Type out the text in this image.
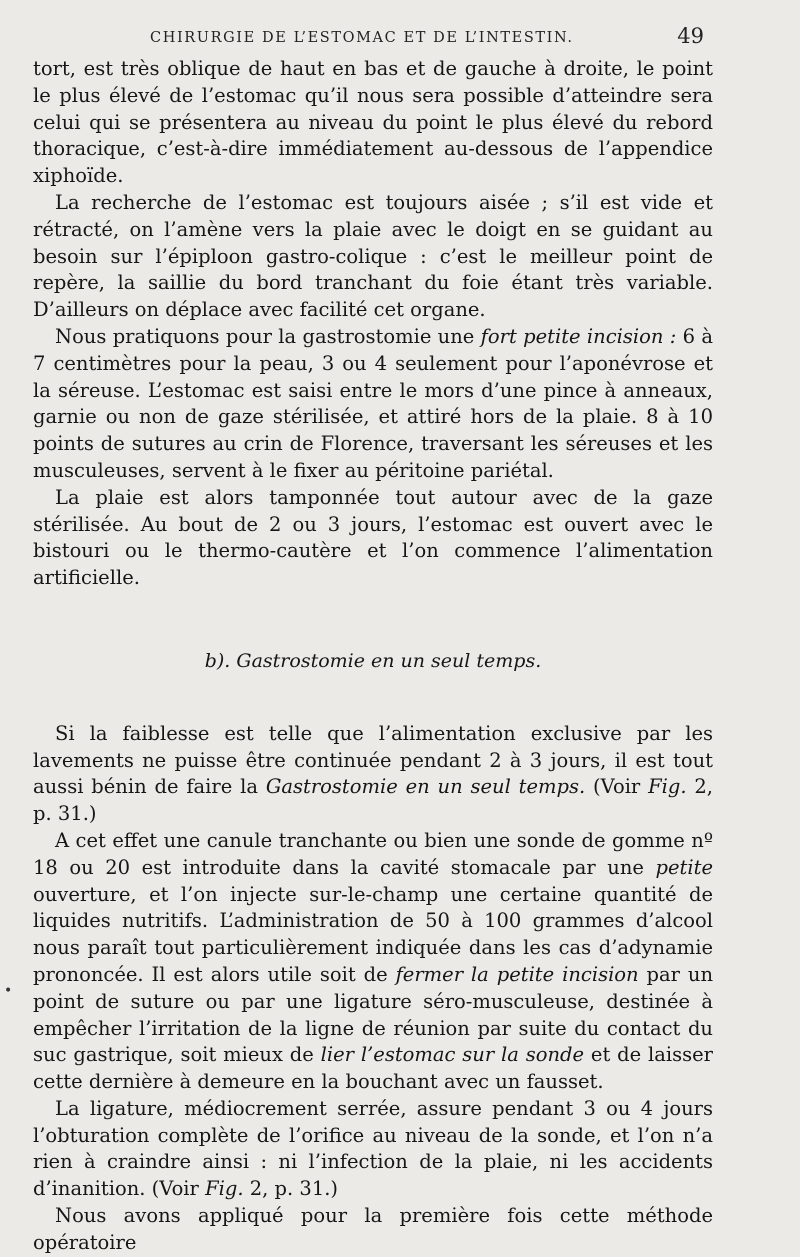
CHIRURGIE DE L’ESTOMAC ET DE L’INTESTIN.	49

tort, est très oblique de haut en bas et de gauche à droite, le point le plus élevé de l’estomac qu’il nous sera possible d’atteindre sera celui qui se présentera au niveau du point le plus élevé du rebord thoracique, c’est-à-dire immédiatement au-dessous de l’appendice xiphoïde.

La recherche de l’estomac est toujours aisée ; s’il est vide et rétracté, on l’amène vers la plaie avec le doigt en se guidant au besoin sur l’épiploon gastro-colique : c’est le meilleur point de repère, la saillie du bord tranchant du foie étant très variable. D’ailleurs on déplace avec facilité cet organe.

Nous pratiquons pour la gastrostomie une fort petite incision : 6 à 7 centimètres pour la peau, 3 ou 4 seulement pour l’aponévrose et la séreuse. L’estomac est saisi entre le mors d’une pince à anneaux, garnie ou non de gaze stérilisée, et attiré hors de la plaie. 8 à 10 points de sutures au crin de Florence, traversant les séreuses et les musculeuses, servent à le fixer au péritoine pariétal.

La plaie est alors tamponnée tout autour avec de la gaze stérilisée. Au bout de 2 ou 3 jours, l’estomac est ouvert avec le bistouri ou le thermo-cautère et l’on commence l’alimentation artificielle.

b). Gastrostomie en un seul temps.

Si la faiblesse est telle que l’alimentation exclusive par les lavements ne puisse être continuée pendant 2 à 3 jours, il est tout aussi bénin de faire la Gastrostomie en un seul temps. (Voir Fig. 2, p. 31.)

A cet effet une canule tranchante ou bien une sonde de gomme nº 18 ou 20 est introduite dans la cavité stomacale par une petite ouverture, et l’on injecte sur-le-champ une certaine quantité de liquides nutritifs. L’administration de 50 à 100 grammes d’alcool nous paraît tout particulièrement indiquée dans les cas d’adynamie prononcée. Il est alors utile soit de fermer la petite incision par un point de suture ou par une ligature séro-musculeuse, destinée à empêcher l’irritation de la ligne de réunion par suite du contact du suc gastrique, soit mieux de lier l’estomac sur la sonde et de laisser cette dernière à demeure en la bouchant avec un fausset.

La ligature, médiocrement serrée, assure pendant 3 ou 4 jours l’obturation complète de l’orifice au niveau de la sonde, et l’on n’a rien à craindre ainsi : ni l’infection de la plaie, ni les accidents d’inanition. (Voir Fig. 2, p. 31.)

Nous avons appliqué pour la première fois cette méthode opératoire

•
